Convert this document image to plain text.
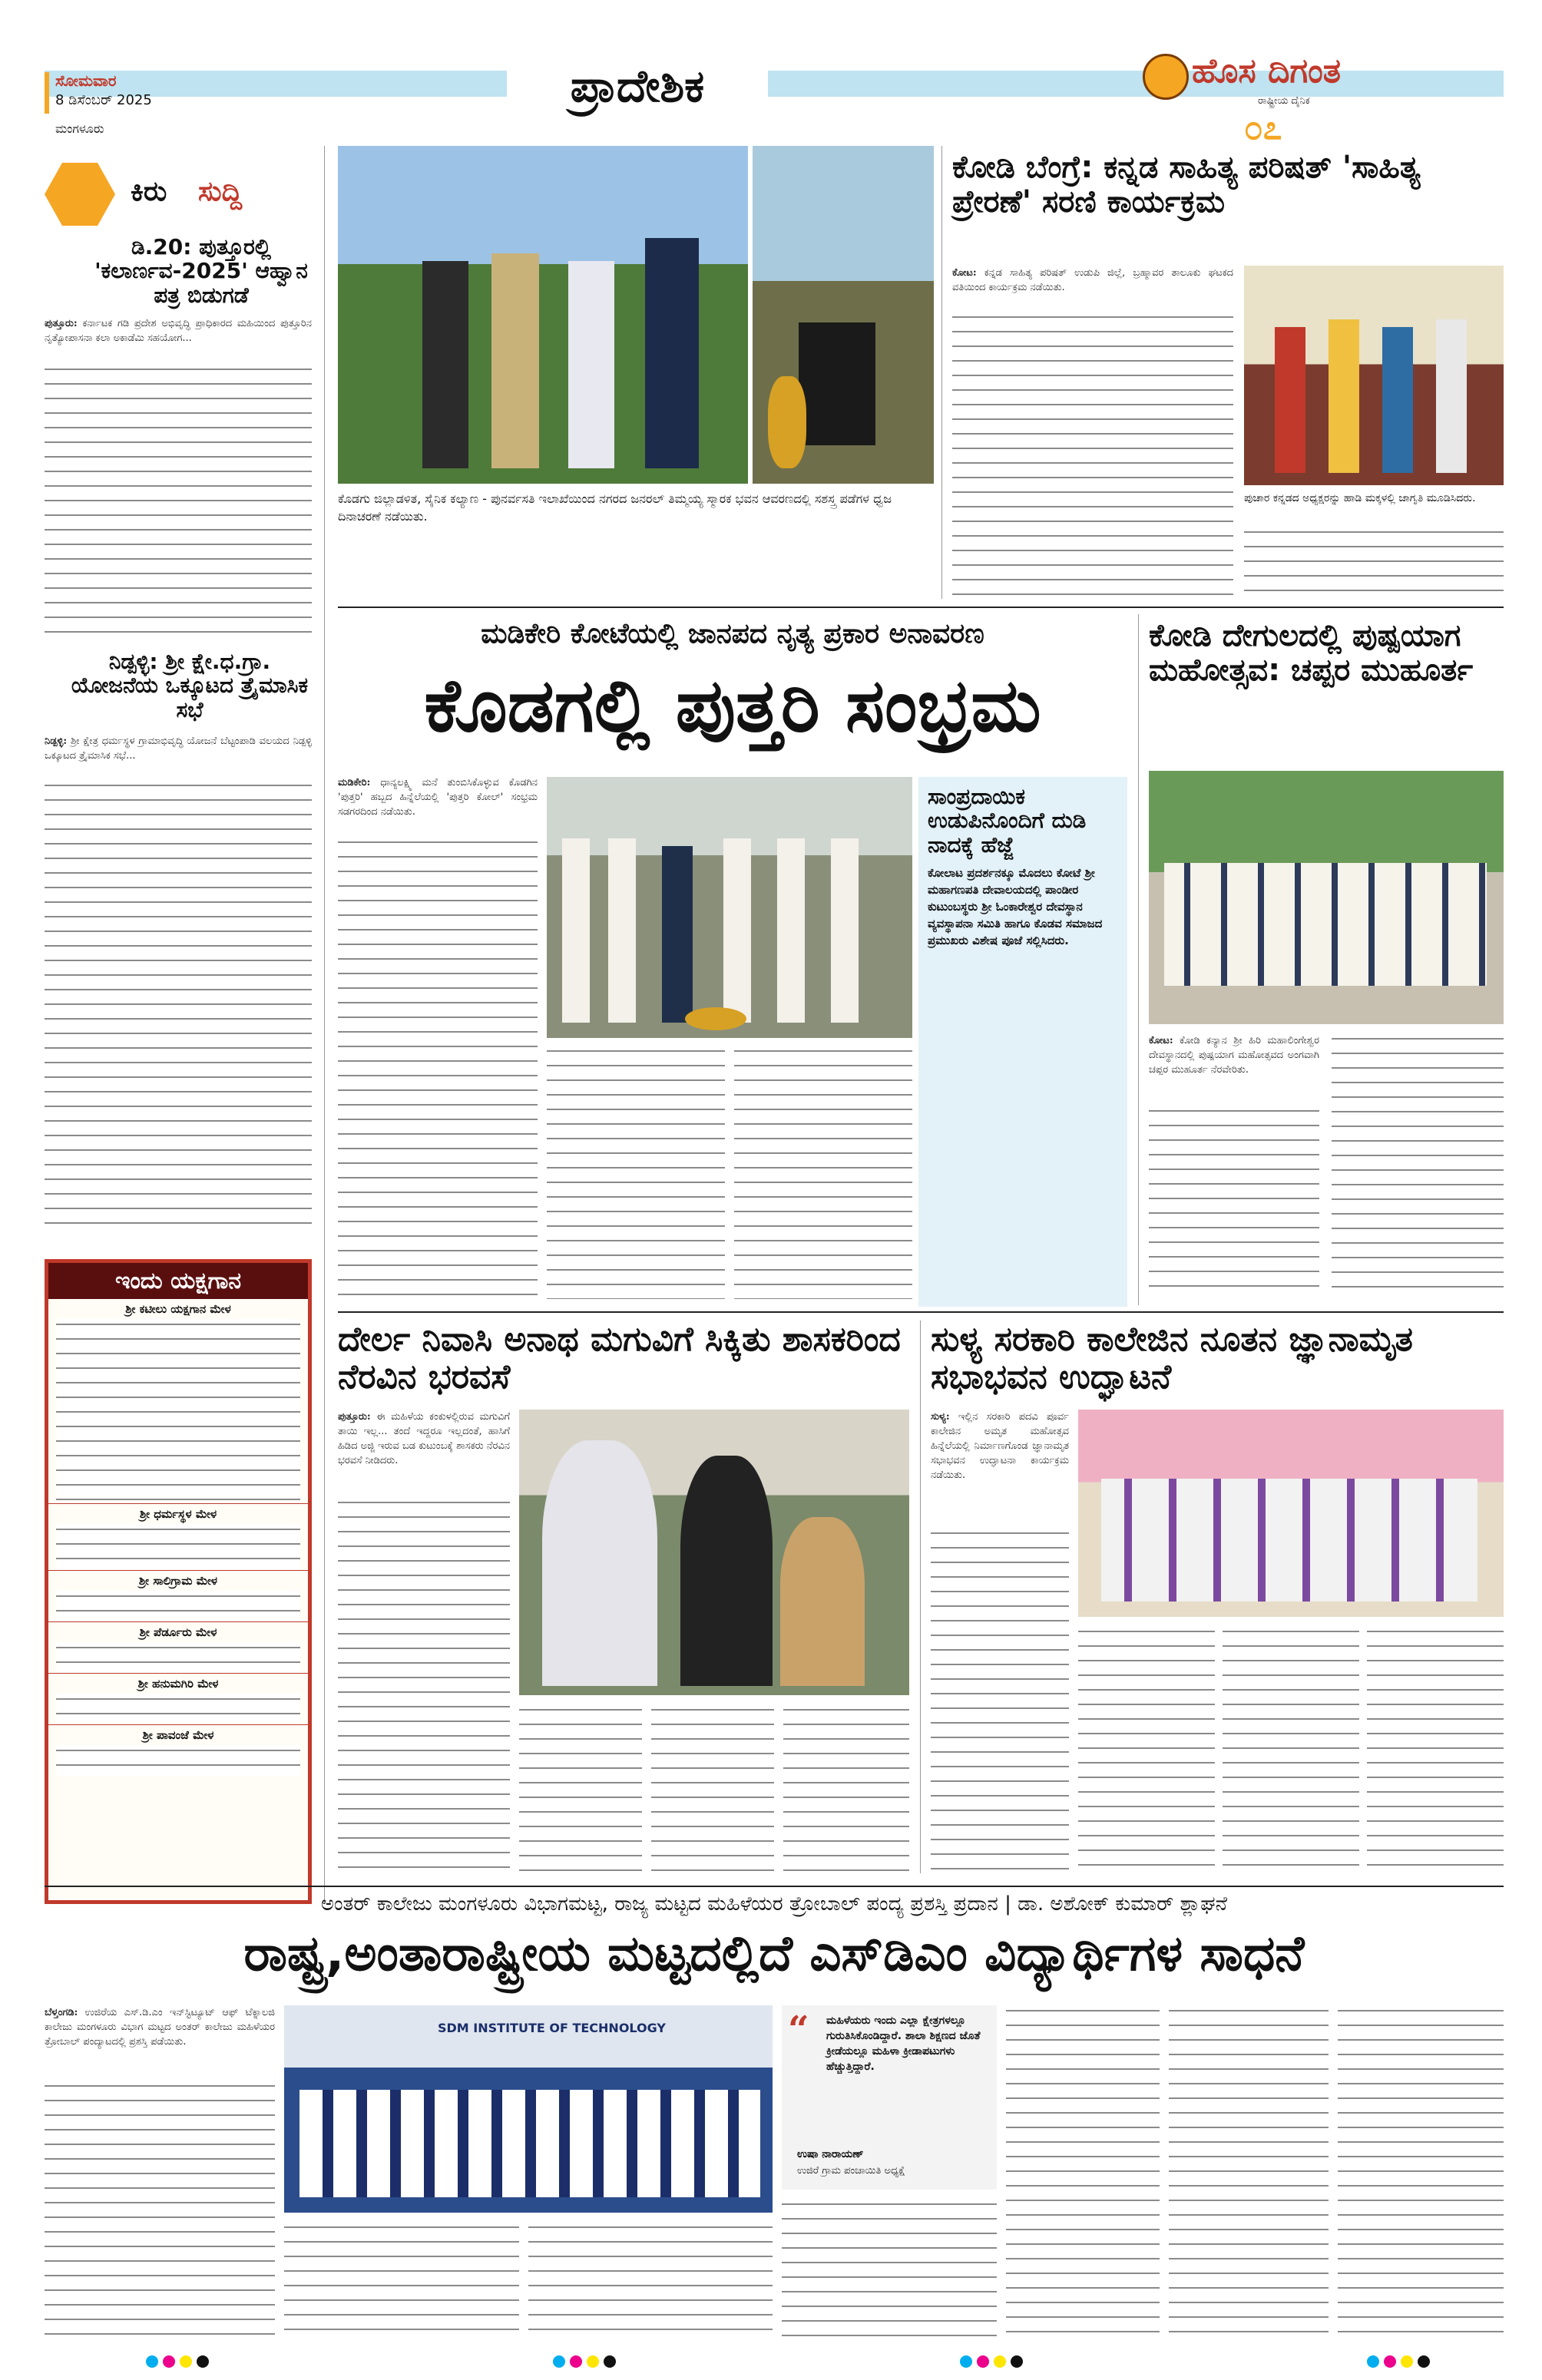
ಸೋಮವಾರ
8 ಡಿಸೆಂಬರ್ 2025
ಮಂಗಳೂರು
ಪ್ರಾದೇಶಿಕ	ಹೊಸ ದಿಗಂತ
ರಾಷ್ಟ್ರೀಯ ದೈನಿಕ
೦೭
ಕಿರು ಸುದ್ದಿ
ಡಿ.20: ಪುತ್ತೂರಲ್ಲಿ 'ಕಲಾರ್ಣವ-2025' ಆಹ್ವಾನ ಪತ್ರ ಬಿಡುಗಡೆ
ಪುತ್ತೂರು: ಕರ್ನಾಟಕ ಗಡಿ ಪ್ರದೇಶ ಅಭಿವೃದ್ಧಿ ಪ್ರಾಧಿಕಾರದ ಮಹಿಯಿಂದ ಪುತ್ತೂರಿನ ನೃತ್ಯೋಪಾಸನಾ ಕಲಾ ಅಕಾಡೆಮಿ ಸಹಯೋಗ...
ನಿಡ್ಪಳ್ಳಿ: ಶ್ರೀ ಕ್ಷೇ.ಧ.ಗ್ರಾ. ಯೋಜನೆಯ ಒಕ್ಕೂಟದ ತ್ರೈಮಾಸಿಕ ಸಭೆ
ನಿಡ್ಪಳ್ಳಿ: ಶ್ರೀ ಕ್ಷೇತ್ರ ಧರ್ಮಸ್ಥಳ ಗ್ರಾಮಾಭಿವೃದ್ಧಿ ಯೋಜನೆ ಬೆಟ್ಟಂಪಾಡಿ ವಲಯದ ನಿಡ್ಪಳ್ಳಿ ಒಕ್ಕೂಟದ ತ್ರೈಮಾಸಿಕ ಸಭೆ...
ಇಂದು ಯಕ್ಷಗಾನ
ಶ್ರೀ ಕಟೀಲು ಯಕ್ಷಗಾನ ಮೇಳ
ಶ್ರೀ ಧರ್ಮಸ್ಥಳ ಮೇಳ
ಶ್ರೀ ಸಾಲಿಗ್ರಾಮ ಮೇಳ
ಶ್ರೀ ಪೆರ್ಡೂರು ಮೇಳ
ಶ್ರೀ ಹನುಮಗಿರಿ ಮೇಳ
ಶ್ರೀ ಪಾವಂಜೆ ಮೇಳ
ಕೊಡಗು ಜಿಲ್ಲಾಡಳಿತ, ಸೈನಿಕ ಕಲ್ಯಾಣ - ಪುನರ್ವಸತಿ ಇಲಾಖೆಯಿಂದ ನಗರದ ಜನರಲ್ ತಿಮ್ಮಯ್ಯ ಸ್ಮಾರಕ ಭವನ ಆವರಣದಲ್ಲಿ ಸಶಸ್ತ್ರ ಪಡೆಗಳ ಧ್ವಜ ದಿನಾಚರಣೆ ನಡೆಯಿತು.
ಕೋಡಿ ಬೆಂಗ್ರೆ: ಕನ್ನಡ ಸಾಹಿತ್ಯ ಪರಿಷತ್ 'ಸಾಹಿತ್ಯ ಪ್ರೇರಣೆ' ಸರಣಿ ಕಾರ್ಯಕ್ರಮ
ಕೋಟ: ಕನ್ನಡ ಸಾಹಿತ್ಯ ಪರಿಷತ್ ಉಡುಪಿ ಜಿಲ್ಲೆ, ಬ್ರಹ್ಮಾವರ ತಾಲೂಕು ಘಟಕದ ವತಿಯಿಂದ ಕಾರ್ಯಕ್ರಮ ನಡೆಯಿತು.
ಪುಚಾರ ಕನ್ನಡದ ಅಧ್ಯಕ್ಷರನ್ನು ಹಾಡಿ ಮಕ್ಕಳಲ್ಲಿ ಜಾಗೃತಿ ಮೂಡಿಸಿದರು.
ಮಡಿಕೇರಿ ಕೋಟೆಯಲ್ಲಿ ಜಾನಪದ ನೃತ್ಯ ಪ್ರಕಾರ ಅನಾವರಣ
ಕೊಡಗಲ್ಲಿ ಪುತ್ತರಿ ಸಂಭ್ರಮ
ಮಡಿಕೇರಿ: ಧಾನ್ಯಲಕ್ಷ್ಮಿ ಮನೆ ತುಂಬಿಸಿಕೊಳ್ಳುವ ಕೊಡಗಿನ 'ಪುತ್ತರಿ' ಹಬ್ಬದ ಹಿನ್ನೆಲೆಯಲ್ಲಿ 'ಪುತ್ತರಿ ಕೋಲ್' ಸಂಭ್ರಮ ಸಡಗರದಿಂದ ನಡೆಯಿತು.
ಸಾಂಪ್ರದಾಯಿಕ ಉಡುಪಿನೊಂದಿಗೆ ದುಡಿ ನಾದಕ್ಕೆ ಹೆಜ್ಜೆ
ಕೋಲಾಟ ಪ್ರದರ್ಶನಕ್ಕೂ ಮೊದಲು ಕೋಟೆ ಶ್ರೀ ಮಹಾಗಣಪತಿ ದೇವಾಲಯದಲ್ಲಿ ಪಾಂಡೀರ ಕುಟುಂಬಸ್ಥರು ಶ್ರೀ ಓಂಕಾರೇಶ್ವರ ದೇವಸ್ಥಾನ ವ್ಯವಸ್ಥಾಪನಾ ಸಮಿತಿ ಹಾಗೂ ಕೊಡವ ಸಮಾಜದ ಪ್ರಮುಖರು ವಿಶೇಷ ಪೂಜೆ ಸಲ್ಲಿಸಿದರು.
ಕೋಡಿ ದೇಗುಲದಲ್ಲಿ ಪುಷ್ಪಯಾಗ ಮಹೋತ್ಸವ: ಚಪ್ಪರ ಮುಹೂರ್ತ
ಕೋಟ: ಕೋಡಿ ಕನ್ಯಾನ ಶ್ರೀ ಹಿರಿ ಮಹಾಲಿಂಗೇಶ್ವರ ದೇವಸ್ಥಾನದಲ್ಲಿ ಪುಷ್ಪಯಾಗ ಮಹೋತ್ಸವದ ಅಂಗವಾಗಿ ಚಪ್ಪರ ಮುಹೂರ್ತ ನೆರವೇರಿತು.
ದೇರ್ಲ ನಿವಾಸಿ ಅನಾಥ ಮಗುವಿಗೆ ಸಿಕ್ಕಿತು ಶಾಸಕರಿಂದ ನೆರವಿನ ಭರವಸೆ
ಪುತ್ತೂರು: ಈ ಮಹಿಳೆಯ ಕಂಕುಳಲ್ಲಿರುವ ಮಗುವಿಗೆ ತಾಯಿ ಇಲ್ಲ... ತಂದೆ ಇದ್ದರೂ ಇಲ್ಲದಂತೆ, ಹಾಸಿಗೆ ಹಿಡಿದ ಅಜ್ಜಿ ಇರುವ ಬಡ ಕುಟುಂಬಕ್ಕೆ ಶಾಸಕರು ನೆರವಿನ ಭರವಸೆ ನೀಡಿದರು.
ಸುಳ್ಯ ಸರಕಾರಿ ಕಾಲೇಜಿನ ನೂತನ ಜ್ಞಾನಾಮೃತ ಸಭಾಭವನ ಉದ್ಘಾಟನೆ
ಸುಳ್ಯ: ಇಲ್ಲಿನ ಸರಕಾರಿ ಪದವಿ ಪೂರ್ವ ಕಾಲೇಜಿನ ಅಮೃತ ಮಹೋತ್ಸವ ಹಿನ್ನೆಲೆಯಲ್ಲಿ ನಿರ್ಮಾಣಗೊಂಡ ಜ್ಞಾನಾಮೃತ ಸಭಾಭವನ ಉದ್ಘಾಟನಾ ಕಾರ್ಯಕ್ರಮ ನಡೆಯಿತು.
ಅಂತರ್ ಕಾಲೇಜು ಮಂಗಳೂರು ವಿಭಾಗಮಟ್ಟ, ರಾಜ್ಯ ಮಟ್ಟದ ಮಹಿಳೆಯರ ತ್ರೋಬಾಲ್ ಪಂದ್ಯ ಪ್ರಶಸ್ತಿ ಪ್ರದಾನ | ಡಾ. ಅಶೋಕ್ ಕುಮಾರ್ ಶ್ಲಾಘನೆ
ರಾಷ್ಟ್ರ,ಅಂತಾರಾಷ್ಟ್ರೀಯ ಮಟ್ಟದಲ್ಲಿದೆ ಎಸ್‌ಡಿಎಂ ವಿದ್ಯಾರ್ಥಿಗಳ ಸಾಧನೆ
ಬೆಳ್ತಂಗಡಿ: ಉಜಿರೆಯ ಎಸ್.ಡಿ.ಎಂ ಇನ್‌ಸ್ಟಿಟ್ಯೂಟ್ ಆಫ್ ಟೆಕ್ನಾಲಜಿ ಕಾಲೇಜು ಮಂಗಳೂರು ವಿಭಾಗ ಮಟ್ಟದ ಅಂತರ್ ಕಾಲೇಜು ಮಹಿಳೆಯರ ತ್ರೋಬಾಲ್ ಪಂದ್ಯಾಟದಲ್ಲಿ ಪ್ರಶಸ್ತಿ ಪಡೆಯಿತು.
SDM INSTITUTE OF TECHNOLOGY	“ ಮಹಿಳೆಯರು ಇಂದು ಎಲ್ಲಾ ಕ್ಷೇತ್ರಗಳಲ್ಲೂ ಗುರುತಿಸಿಕೊಂಡಿದ್ದಾರೆ. ಶಾಲಾ ಶಿಕ್ಷಣದ ಜೊತೆ ಕ್ರೀಡೆಯಲ್ಲೂ ಮಹಿಳಾ ಕ್ರೀಡಾಪಟುಗಳು ಹೆಚ್ಚುತ್ತಿದ್ದಾರೆ.
ಉಷಾ ನಾರಾಯಣ್
ಉಜಿರೆ ಗ್ರಾಮ ಪಂಚಾಯಿತಿ ಅಧ್ಯಕ್ಷೆ
